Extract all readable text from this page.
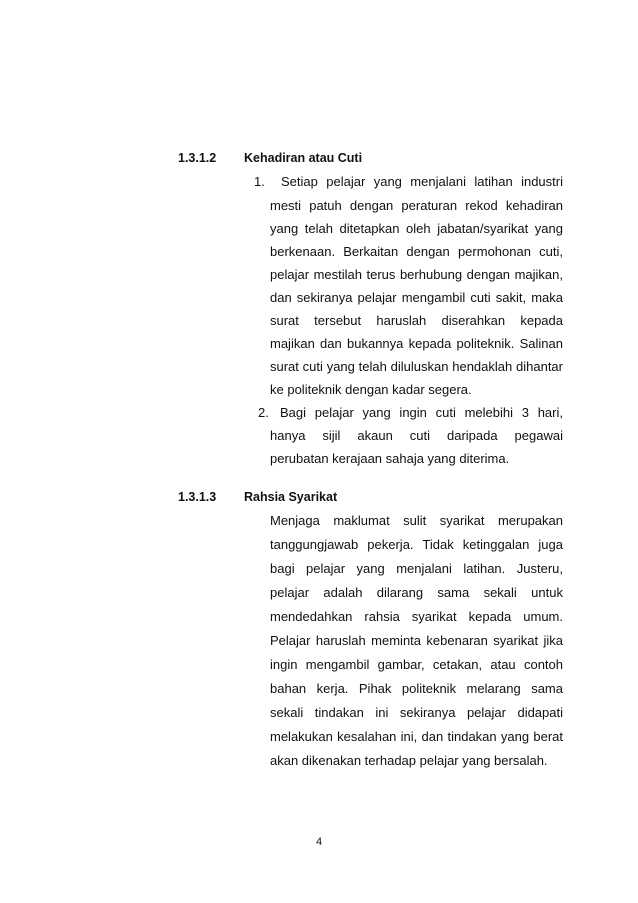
1.3.1.2 Kehadiran atau Cuti
1. Setiap pelajar yang menjalani latihan industri
mesti patuh dengan peraturan rekod kehadiran
yang telah ditetapkan oleh jabatan/syarikat yang
berkenaan. Berkaitan dengan permohonan cuti,
pelajar mestilah terus berhubung dengan majikan,
dan sekiranya pelajar mengambil cuti sakit, maka
surat tersebut haruslah diserahkan kepada
majikan dan bukannya kepada politeknik. Salinan
surat cuti yang telah diluluskan hendaklah dihantar
ke politeknik dengan kadar segera.
2. Bagi pelajar yang ingin cuti melebihi 3 hari,
hanya sijil akaun cuti daripada pegawai
perubatan kerajaan sahaja yang diterima.
1.3.1.3 Rahsia Syarikat
Menjaga maklumat sulit syarikat merupakan
tanggungjawab pekerja. Tidak ketinggalan juga
bagi pelajar yang menjalani latihan. Justeru,
pelajar adalah dilarang sama sekali untuk
mendedahkan rahsia syarikat kepada umum.
Pelajar haruslah meminta kebenaran syarikat jika
ingin mengambil gambar, cetakan, atau contoh
bahan kerja. Pihak politeknik melarang sama
sekali tindakan ini sekiranya pelajar didapati
melakukan kesalahan ini, dan tindakan yang berat
akan dikenakan terhadap pelajar yang bersalah.
4
